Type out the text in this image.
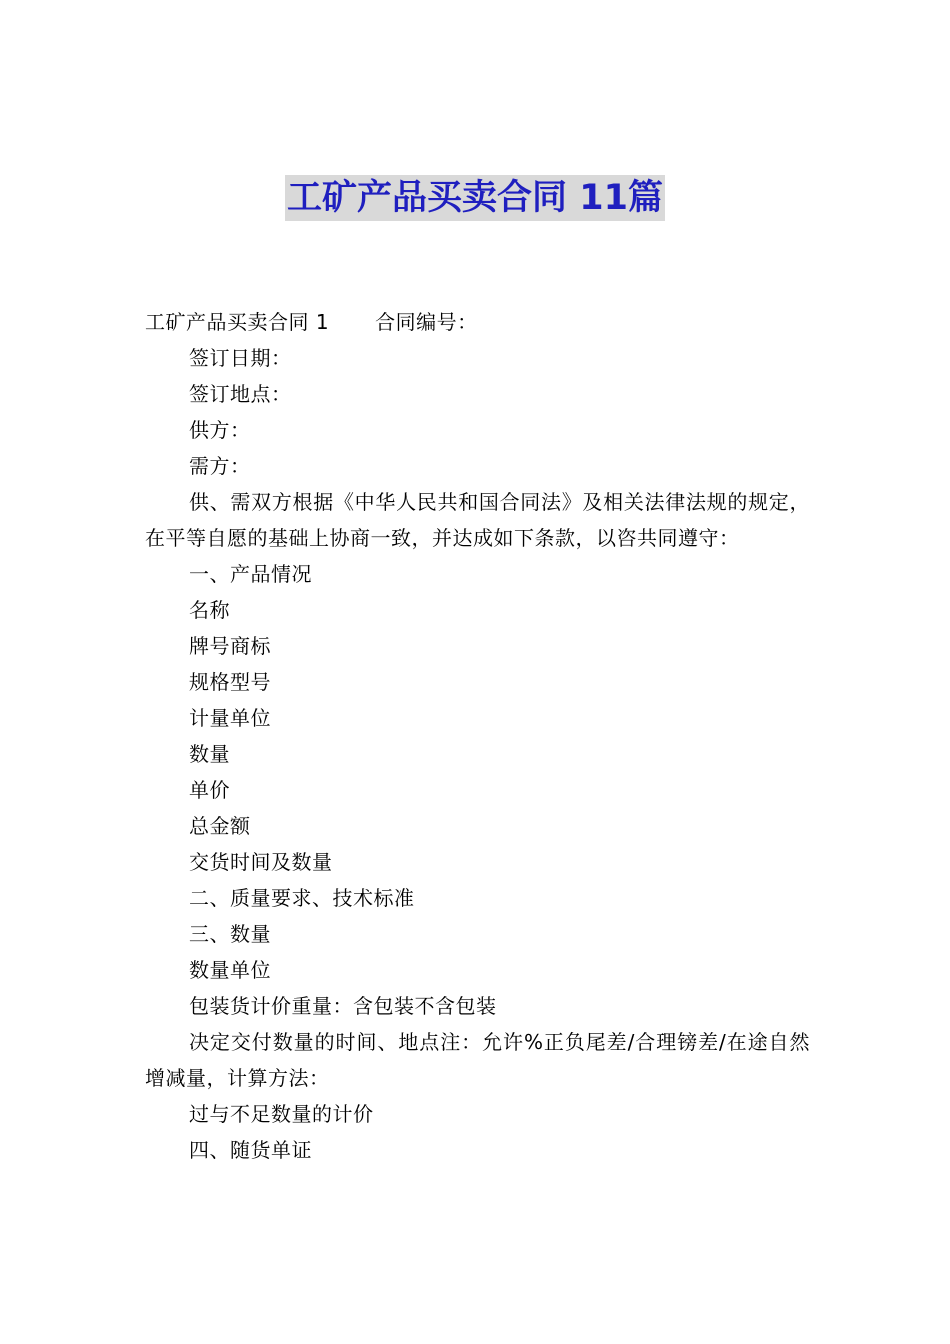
工矿产品买卖合同 11篇

工矿产品买卖合同 1 合同编号：

签订日期：

签订地点：

供方：

需方：

供、需双方根据《中华人民共和国合同法》及相关法律法规的规定，在平等自愿的基础上协商一致，并达成如下条款，以咨共同遵守：

一、产品情况

名称

牌号商标

规格型号

计量单位

数量

单价

总金额

交货时间及数量

二、质量要求、技术标准

三、数量

数量单位

包装货计价重量：含包装不含包装

决定交付数量的时间、地点注：允许%正负尾差/合理镑差/在途自然增减量，计算方法：

过与不足数量的计价

四、随货单证
